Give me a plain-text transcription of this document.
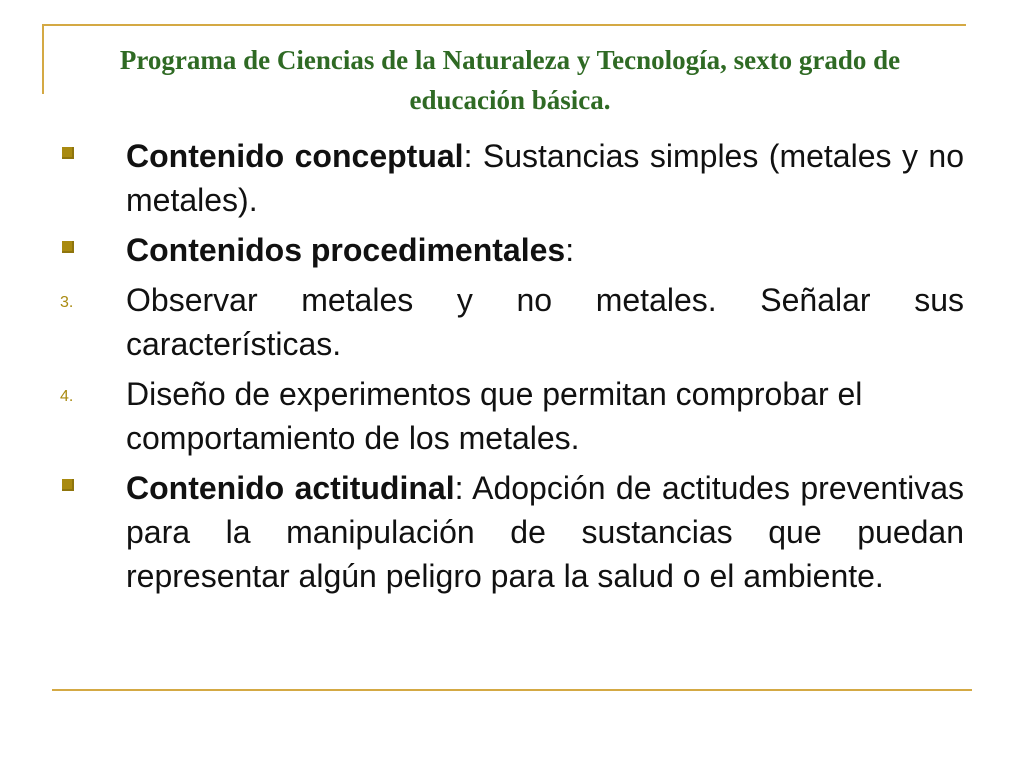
Programa de Ciencias de la Naturaleza y Tecnología, sexto grado de educación básica.
Contenido conceptual: Sustancias simples (metales y no metales).
Contenidos procedimentales:
3. Observar metales y no metales. Señalar sus características.
4. Diseño de experimentos que permitan comprobar el comportamiento de los metales.
Contenido actitudinal: Adopción de actitudes preventivas para la manipulación de sustancias que puedan representar algún peligro para la salud o el ambiente.
